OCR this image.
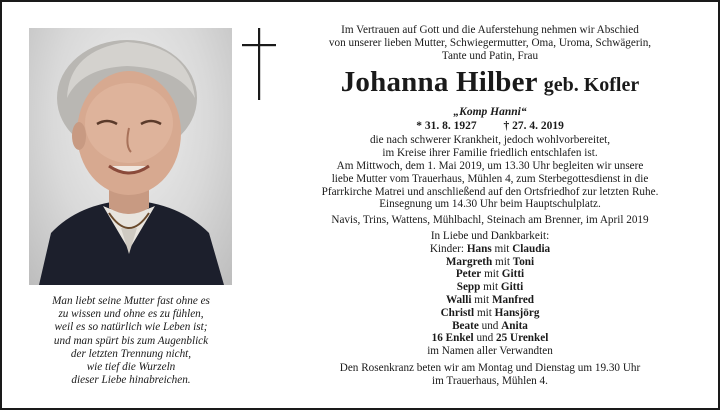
Man liebt seine Mutter fast ohne es
zu wissen und ohne es zu fühlen,
weil es so natürlich wie Leben ist;
und man spürt bis zum Augenblick
der letzten Trennung nicht,
wie tief die Wurzeln
dieser Liebe hinabreichen.
Im Vertrauen auf Gott und die Auferstehung nehmen wir Abschied
von unserer lieben Mutter, Schwiegermutter, Oma, Uroma, Schwägerin,
Tante und Patin, Frau
Johanna Hilber geb. Kofler
„Komp Hanni“
* 31. 8. 1927 † 27. 4. 2019
die nach schwerer Krankheit, jedoch wohlvorbereitet,
im Kreise ihrer Familie friedlich entschlafen ist.
Am Mittwoch, dem 1. Mai 2019, um 13.30 Uhr begleiten wir unsere
liebe Mutter vom Trauerhaus, Mühlen 4, zum Sterbegottesdienst in die
Pfarrkirche Matrei und anschließend auf den Ortsfriedhof zur letzten Ruhe.
Einsegnung um 14.30 Uhr beim Hauptschulplatz.
Navis, Trins, Wattens, Mühlbachl, Steinach am Brenner, im April 2019
In Liebe und Dankbarkeit:
Kinder: Hans mit Claudia
Margreth mit Toni
Peter mit Gitti
Sepp mit Gitti
Walli mit Manfred
Christl mit Hansjörg
Beate und Anita
16 Enkel und 25 Urenkel
im Namen aller Verwandten
Den Rosenkranz beten wir am Montag und Dienstag um 19.30 Uhr
im Trauerhaus, Mühlen 4.
